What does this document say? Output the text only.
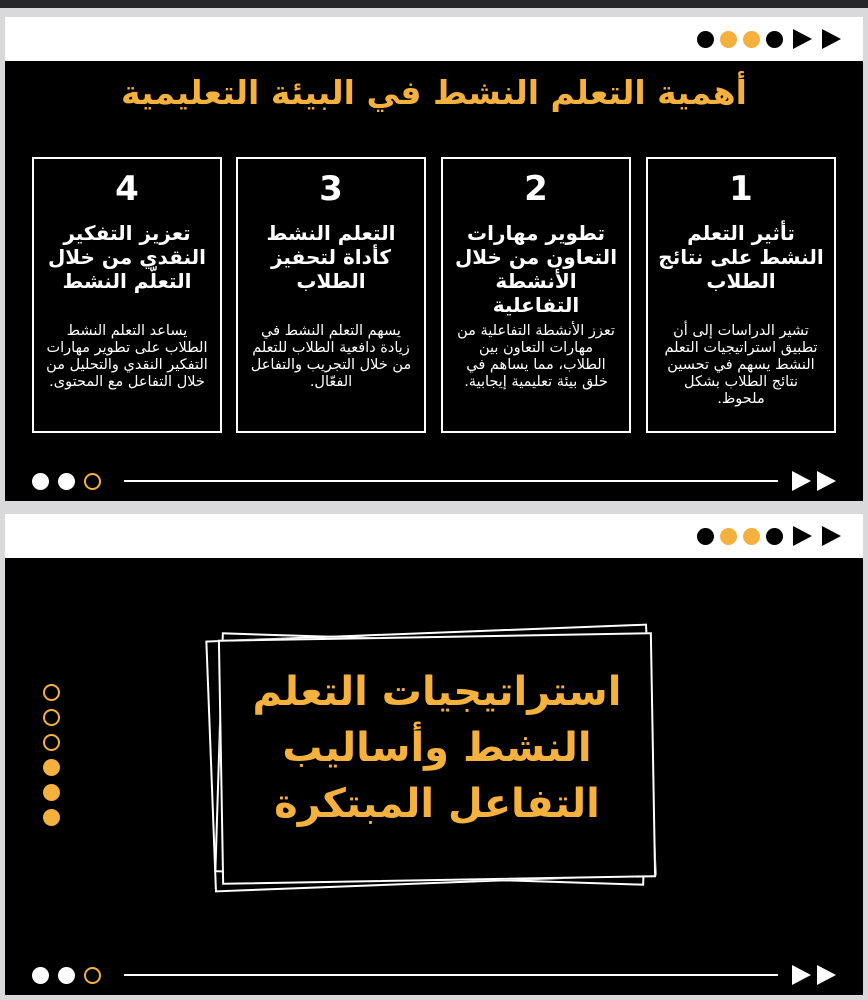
أهمية التعلم النشط في البيئة التعليمية
1
تأثير التعلم النشط على نتائج الطلاب
تشير الدراسات إلى أن تطبيق استراتيجيات التعلم النشط يسهم في تحسين نتائج الطلاب بشكل ملحوظ.
2
تطوير مهارات التعاون من خلال الأنشطة التفاعلية
تعزز الأنشطة التفاعلية من مهارات التعاون بين الطلاب، مما يساهم في خلق بيئة تعليمية إيجابية.
3
التعلم النشط كأداة لتحفيز الطلاب
يسهم التعلم النشط في زيادة دافعية الطلاب للتعلم من خلال التجريب والتفاعل الفعّال.
4
تعزيز التفكير النقدي من خلال التعلّم النشط
يساعد التعلم النشط الطلاب على تطوير مهارات التفكير النقدي والتحليل من خلال التفاعل مع المحتوى.
استراتيجيات التعلم النشط وأساليب التفاعل المبتكرة
